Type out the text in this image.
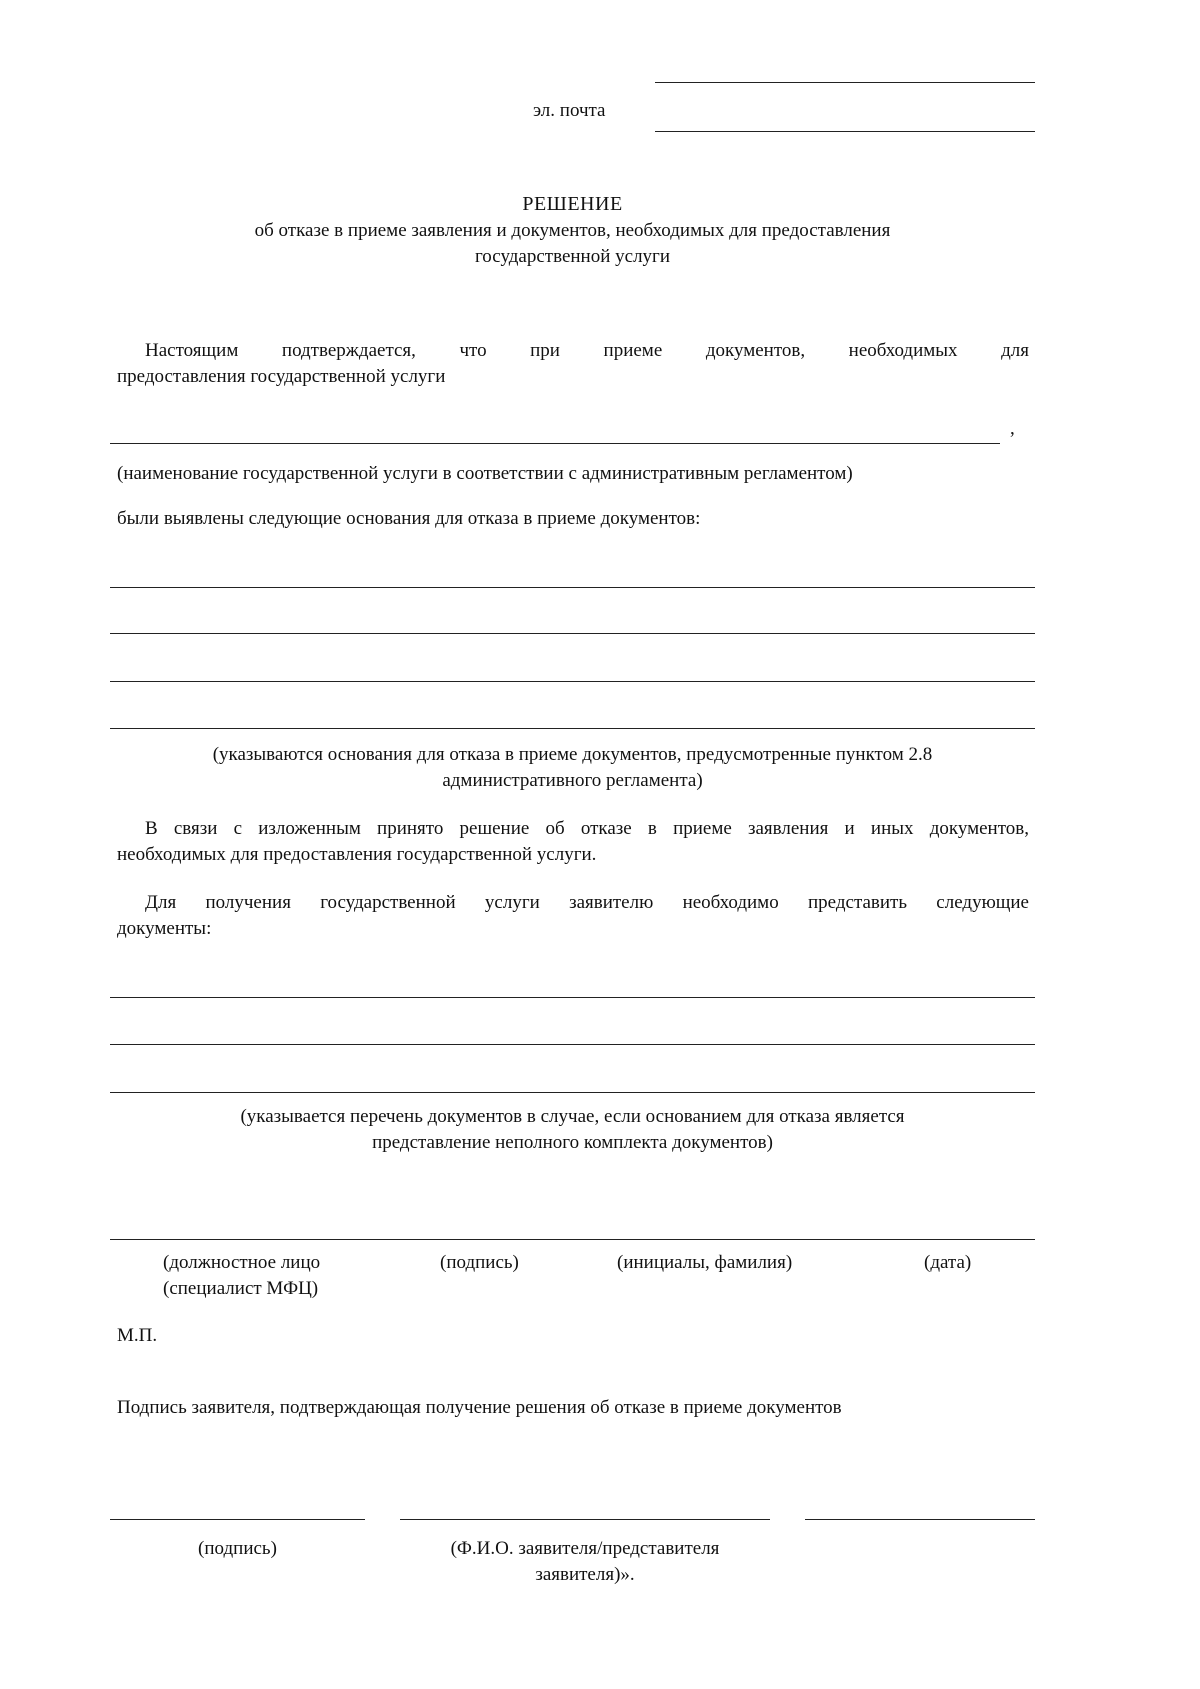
эл. почта
РЕШЕНИЕ
об отказе в приеме заявления и документов, необходимых для предоставления
государственной услуги
Настоящим подтверждается, что при приеме документов, необходимых для
предоставления государственной услуги
,
(наименование государственной услуги в соответствии с административным регламентом)
были выявлены следующие основания для отказа в приеме документов:
(указываются основания для отказа в приеме документов, предусмотренные пунктом 2.8
административного регламента)
В связи с изложенным принято решение об отказе в приеме заявления и иных документов,
необходимых для предоставления государственной услуги.
Для получения государственной услуги заявителю необходимо представить следующие
документы:
(указывается перечень документов в случае, если основанием для отказа является
представление неполного комплекта документов)
(должностное лицо
(специалист МФЦ)
(подпись)	(инициалы, фамилия)	(дата)
М.П.
Подпись заявителя, подтверждающая получение решения об отказе в приеме документов
(подпись)	(Ф.И.О. заявителя/представителя
заявителя)».
